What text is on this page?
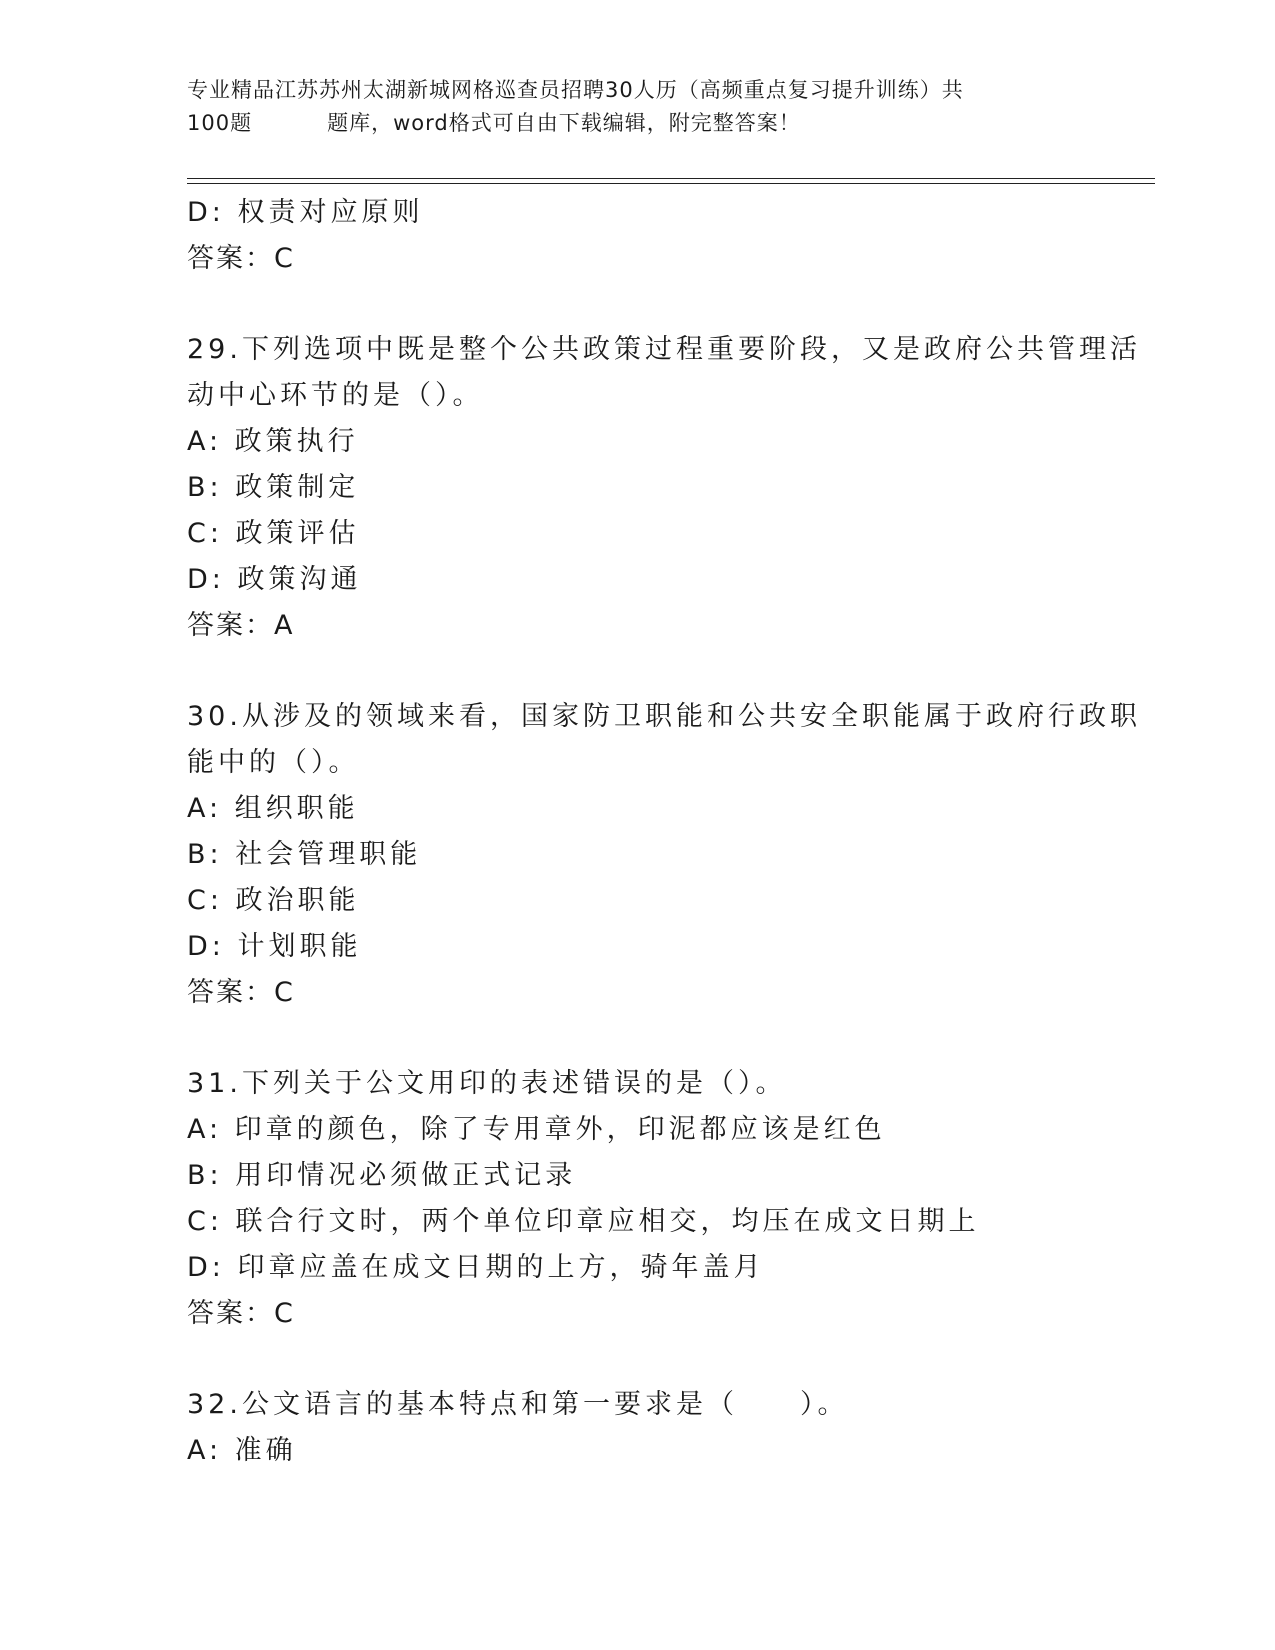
专业精品江苏苏州太湖新城网格巡查员招聘30人历（高频重点复习提升训练）共
100题	题库，word格式可自由下载编辑，附完整答案！
D: 权责对应原则
答案：C
29.下列选项中既是整个公共政策过程重要阶段，又是政府公共管理活
动中心环节的是（）。
A: 政策执行
B: 政策制定
C: 政策评估
D: 政策沟通
答案：A
30.从涉及的领域来看，国家防卫职能和公共安全职能属于政府行政职
能中的（）。
A: 组织职能
B: 社会管理职能
C: 政治职能
D: 计划职能
答案：C
31.下列关于公文用印的表述错误的是（）。
A: 印章的颜色，除了专用章外，印泥都应该是红色
B: 用印情况必须做正式记录
C: 联合行文时，两个单位印章应相交，均压在成文日期上
D: 印章应盖在成文日期的上方，骑年盖月
答案：C
32.公文语言的基本特点和第一要求是（　　）。
A: 准确
